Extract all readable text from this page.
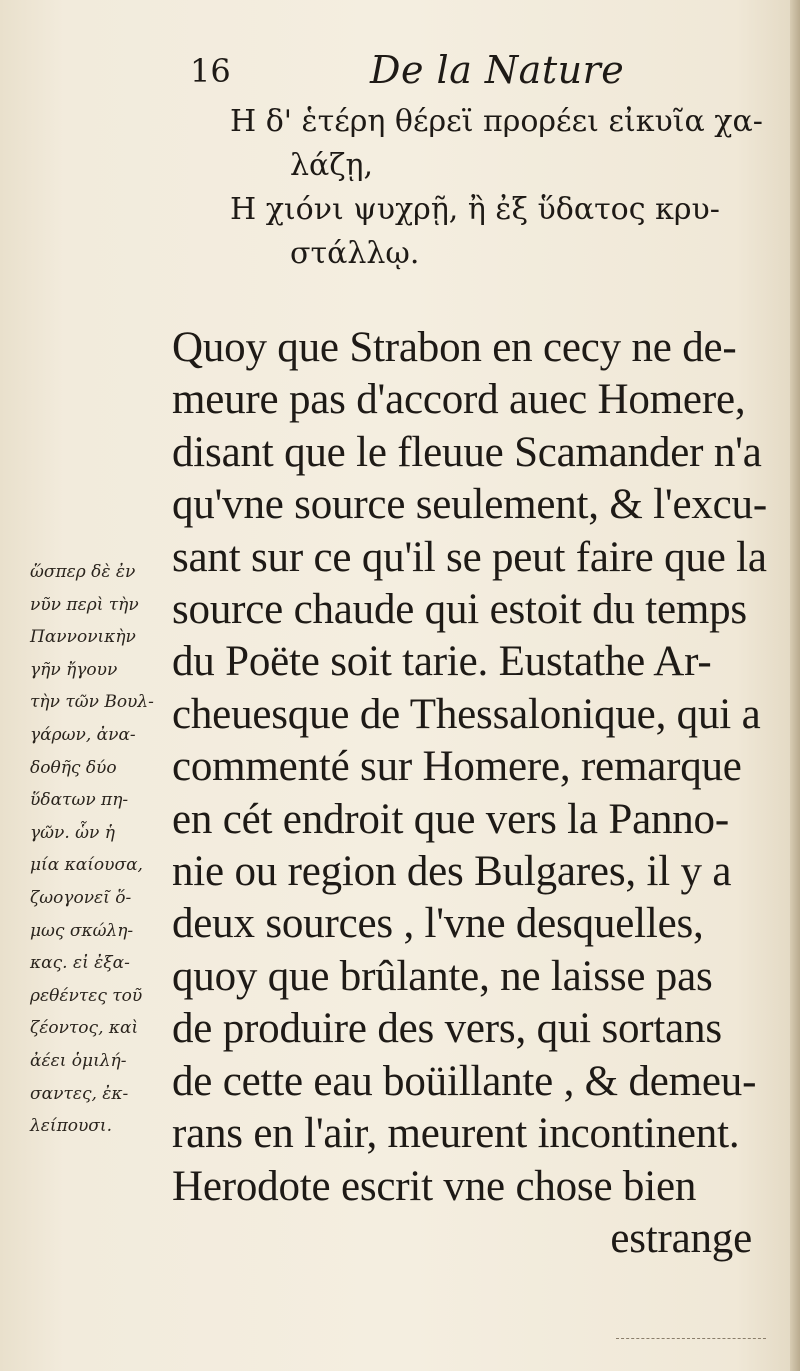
16	De la Nature
Η δ' ἑτέρη θέρεϊ προρέει εἰκυῖα χα-
λάζῃ,
Η χιόνι ψυχρῇ, ἢ ἐξ ὕδατος κρυ-
στάλλῳ.
Quoy que Strabon en cecy ne de-
meure pas d'accord auec Homere,
disant que le fleuue Scamander n'a
qu'vne source seulement, & l'excu-
sant sur ce qu'il se peut faire que la
source chaude qui estoit du temps
du Poëte soit tarie. Eustathe Ar-
cheuesque de Thessalonique, qui a
commenté sur Homere, remarque
en cét endroit que vers la Panno-
nie ou region des Bulgares, il y a
deux sources , l'vne desquelles,
quoy que brûlante, ne laisse pas
de produire des vers, qui sortans
de cette eau boüillante , & demeu-
rans en l'air, meurent incontinent.
Herodote escrit vne chose bien
estrange
ὥσπερ δὲ ἐν
νῦν περὶ τὴν
Παννονικὴν
γῆν ἤγουν
τὴν τῶν Βουλ-
γάρων, ἀνα-
δοθῆς δύο
ὕδατων πη-
γῶν. ὧν ἡ
μία καίουσα,
ζωογονεῖ ὅ-
μως σκώλη-
κας. εἰ ἐξα-
ρεθέντες τοῦ
ζέοντος, καὶ
ἀέει ὁμιλή-
σαντες, ἐκ-
λείπουσι.
